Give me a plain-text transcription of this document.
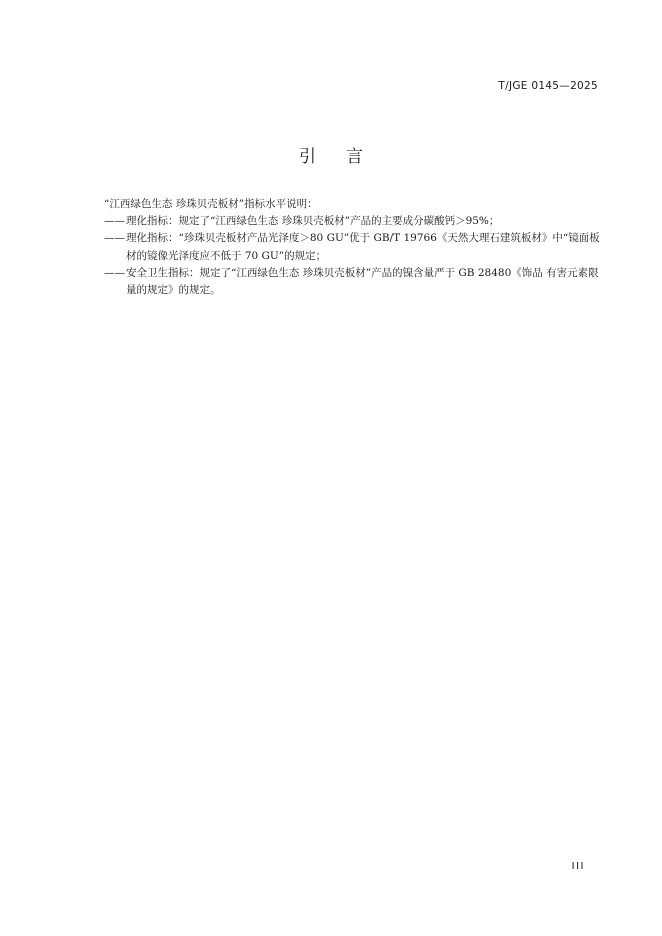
T/JGE 0145—2025
引 言

“江西绿色生态 珍珠贝壳板材”指标水平说明：

—— 理化指标：规定了“江西绿色生态 珍珠贝壳板材”产品的主要成分碳酸钙＞95%；
—— 理化指标：“珍珠贝壳板材产品光泽度＞80 GU”优于 GB/T 19766《天然大理石建筑板材》中“镜面板材的镜像光泽度应不低于 70 GU”的规定；
—— 安全卫生指标：规定了“江西绿色生态 珍珠贝壳板材”产品的镍含量严于 GB 28480《饰品 有害元素限量的规定》的规定。
III
